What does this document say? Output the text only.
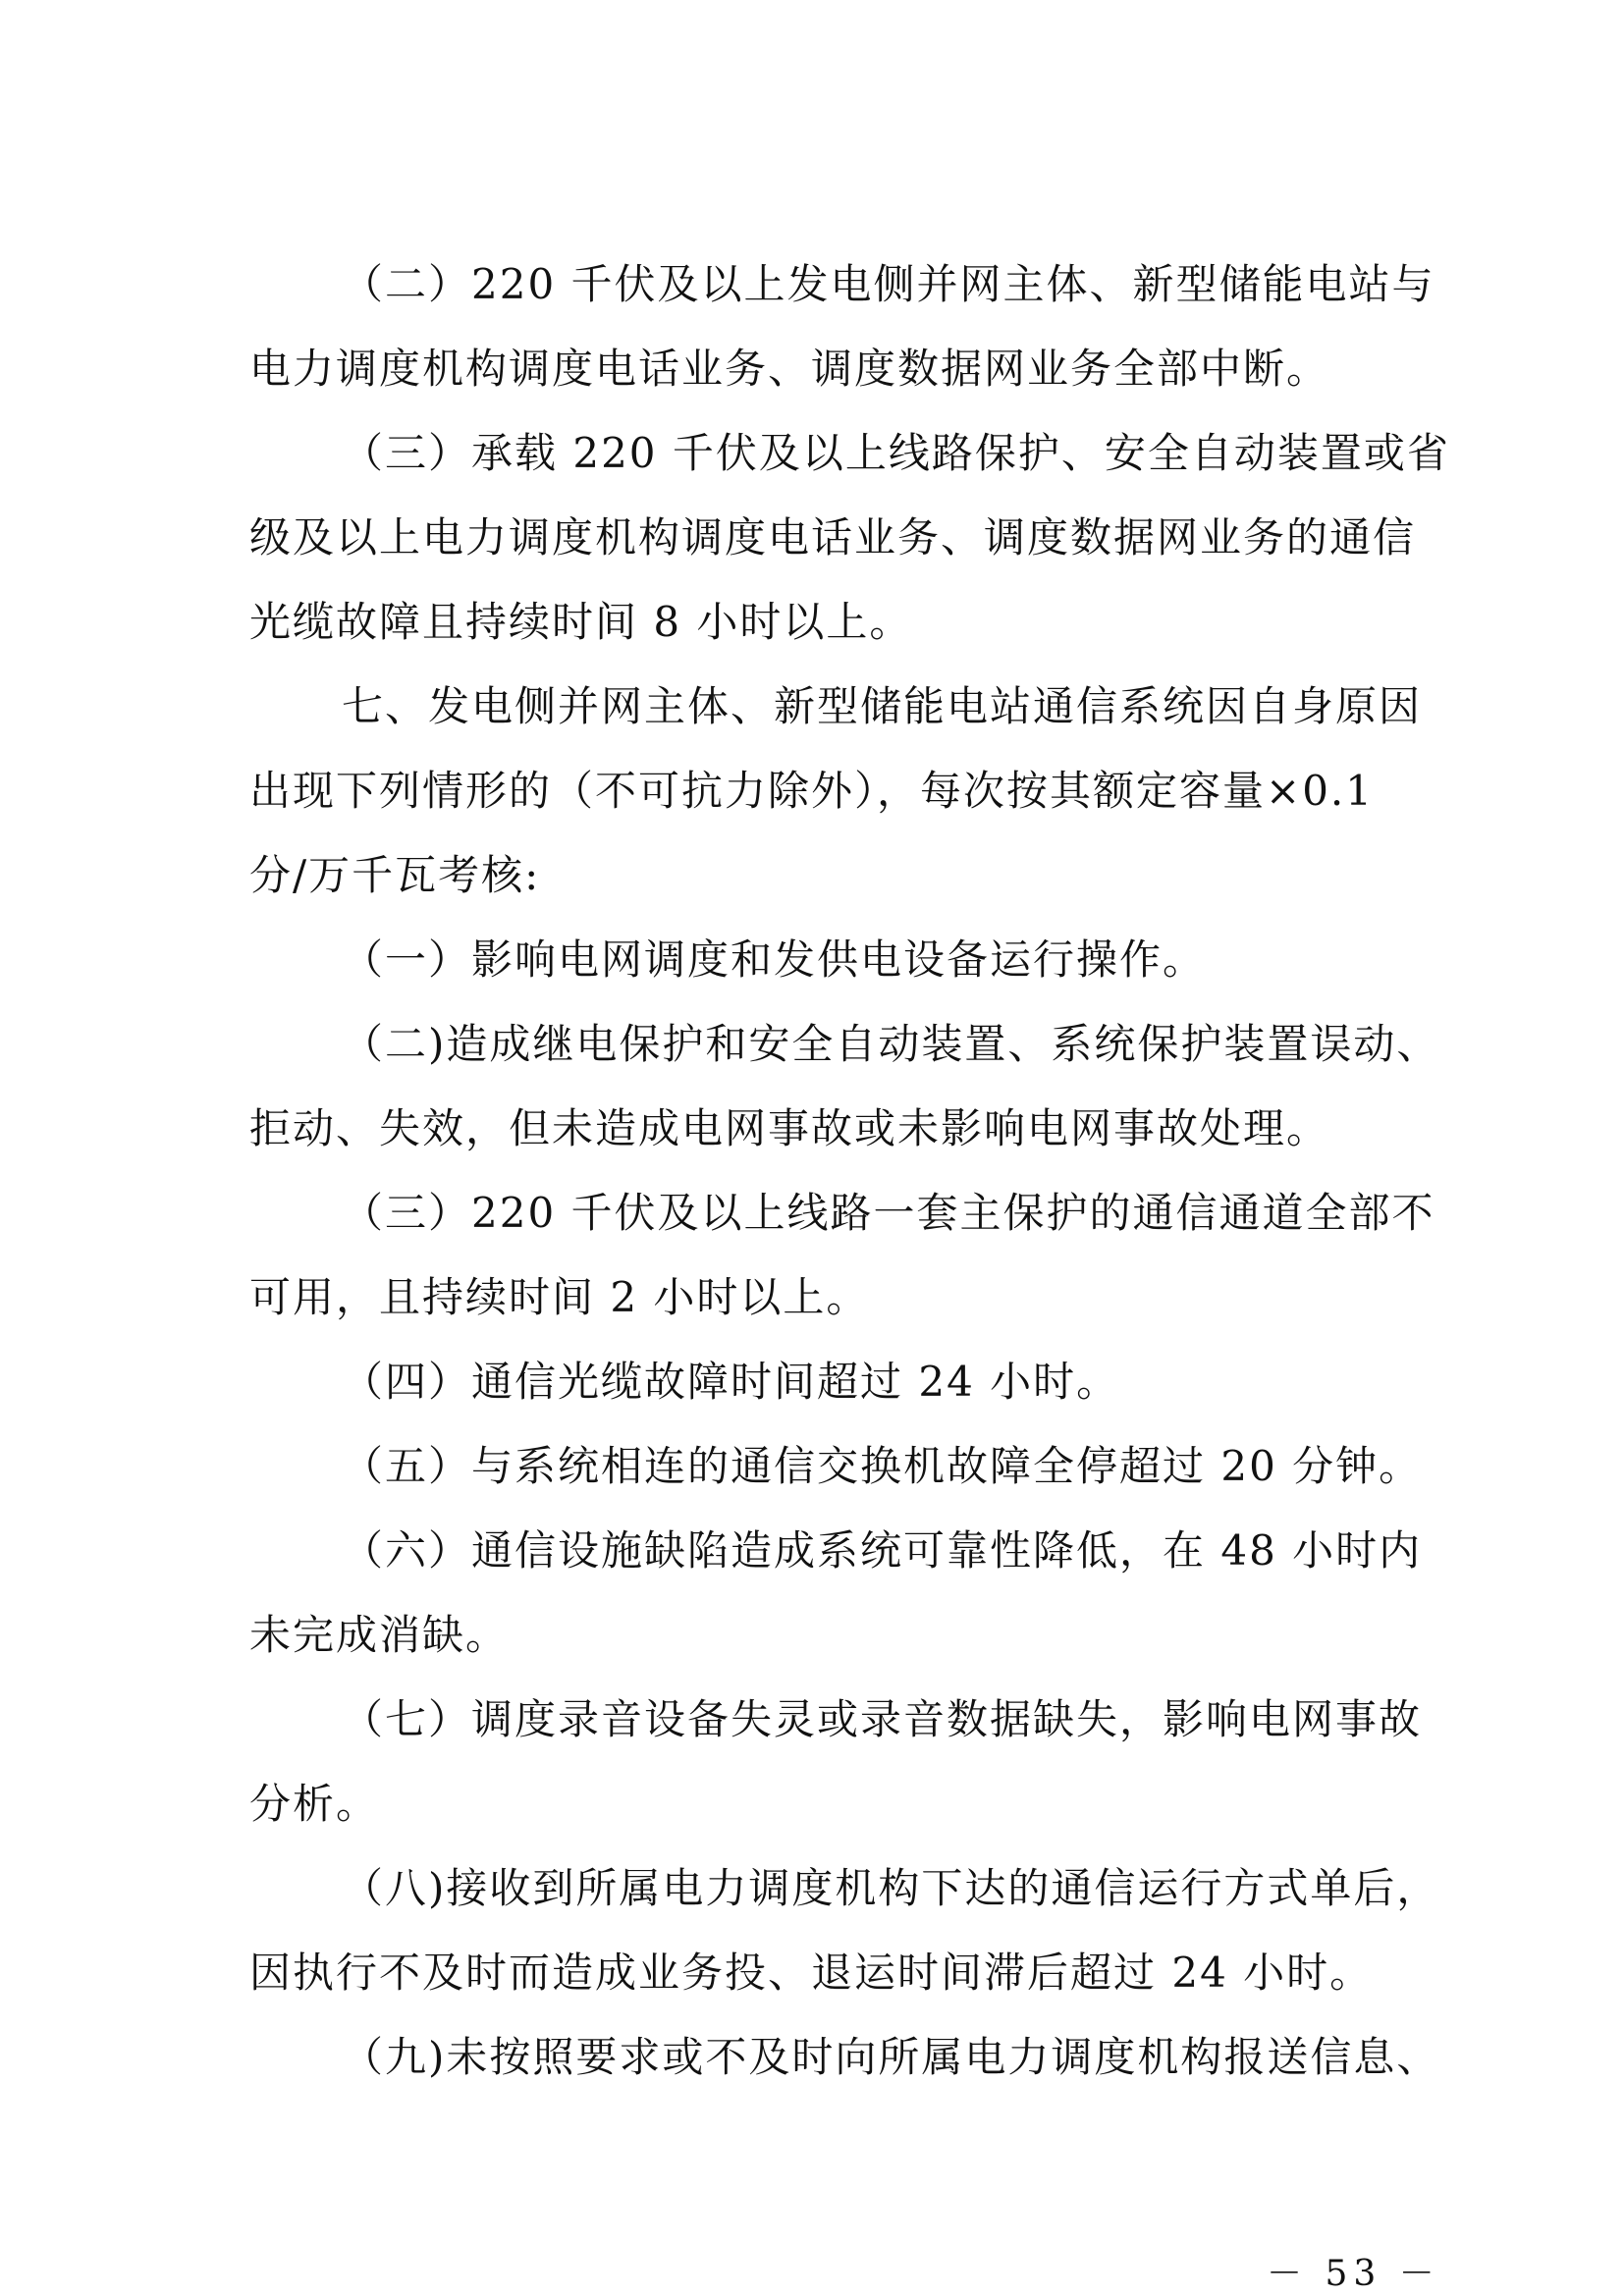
（二）220 千伏及以上发电侧并网主体、新型储能电站与

电力调度机构调度电话业务、调度数据网业务全部中断。

（三）承载 220 千伏及以上线路保护、安全自动装置或省

级及以上电力调度机构调度电话业务、调度数据网业务的通信

光缆故障且持续时间 8 小时以上。

七、发电侧并网主体、新型储能电站通信系统因自身原因

出现下列情形的（不可抗力除外），每次按其额定容量×0.1

分/万千瓦考核:

（一）影响电网调度和发供电设备运行操作。

（二)造成继电保护和安全自动装置、系统保护装置误动、

拒动、失效，但未造成电网事故或未影响电网事故处理。

（三）220 千伏及以上线路一套主保护的通信通道全部不

可用，且持续时间 2 小时以上。

（四）通信光缆故障时间超过 24 小时。

（五）与系统相连的通信交换机故障全停超过 20 分钟。

（六）通信设施缺陷造成系统可靠性降低，在 48 小时内

未完成消缺。

（七）调度录音设备失灵或录音数据缺失，影响电网事故

分析。

（八)接收到所属电力调度机构下达的通信运行方式单后，

因执行不及时而造成业务投、退运时间滞后超过 24 小时。

（九)未按照要求或不及时向所属电力调度机构报送信息、

－ 53 －
